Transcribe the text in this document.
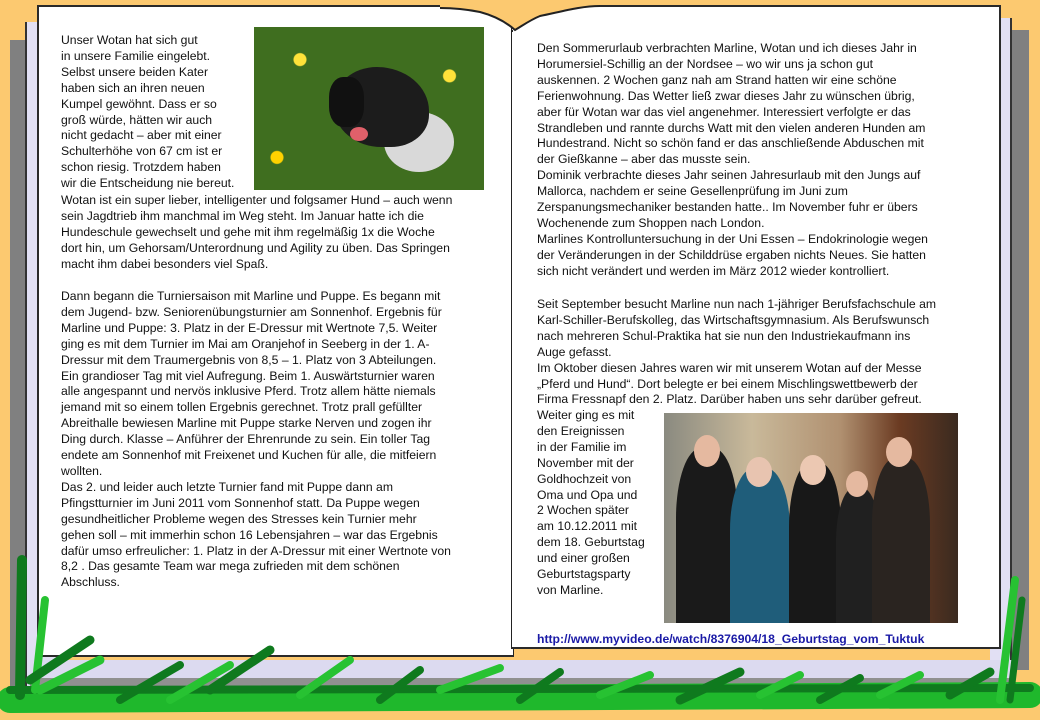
Unser Wotan hat sich gut

in unsere Familie eingelebt.

Selbst unsere beiden Kater

haben sich an ihren neuen

Kumpel gewöhnt. Dass er so

groß würde, hätten wir auch

nicht gedacht – aber mit einer

Schulterhöhe von 67 cm ist er

schon riesig. Trotzdem haben

wir die Entscheidung nie bereut.

Wotan ist ein super lieber, intelligenter und folgsamer Hund – auch wenn

sein Jagdtrieb ihm manchmal im Weg steht. Im Januar hatte ich die

Hundeschule gewechselt und gehe mit ihm regelmäßig 1x die Woche

dort hin, um Gehorsam/Unterordnung und Agility zu üben. Das Springen

macht ihm dabei besonders viel Spaß.

Dann begann die Turniersaison mit Marline und Puppe. Es begann mit

dem Jugend- bzw. Seniorenübungsturnier am Sonnenhof. Ergebnis für

Marline und Puppe: 3. Platz in der E-Dressur mit Wertnote 7,5. Weiter

ging es mit dem Turnier im Mai am Oranjehof in Seeberg in der 1. A-

Dressur mit dem Traumergebnis von 8,5 – 1. Platz von 3 Abteilungen.

Ein grandioser Tag mit viel Aufregung. Beim 1. Auswärtsturnier waren

alle angespannt und nervös inklusive Pferd. Trotz allem hätte niemals

jemand mit so einem tollen Ergebnis gerechnet. Trotz prall gefüllter

Abreithalle bewiesen Marline mit Puppe starke Nerven und zogen ihr

Ding durch. Klasse – Anführer der Ehrenrunde zu sein. Ein toller Tag

endete am Sonnenhof mit Freixenet und Kuchen für alle, die mitfeiern

wollten.

Das 2. und leider auch letzte Turnier fand mit Puppe dann am

Pfingstturnier im Juni 2011 vom Sonnenhof statt. Da Puppe wegen

gesundheitlicher Probleme wegen des Stresses kein Turnier mehr

gehen soll – mit immerhin schon 16 Lebensjahren – war das Ergebnis

dafür umso erfreulicher: 1. Platz in der A-Dressur mit einer Wertnote von

8,2 . Das gesamte Team war mega zufrieden mit dem schönen

Abschluss.

Den Sommerurlaub verbrachten Marline, Wotan und ich dieses Jahr in

Horumersiel-Schillig an der Nordsee – wo wir uns ja schon gut

auskennen. 2 Wochen ganz nah am Strand hatten wir eine schöne

Ferienwohnung. Das Wetter ließ zwar dieses Jahr zu wünschen übrig,

aber für Wotan war das viel angenehmer. Interessiert verfolgte er das

Strandleben und rannte durchs Watt mit den vielen anderen Hunden am

Hundestrand. Nicht so schön fand er das anschließende Abduschen mit

der Gießkanne – aber das musste sein.

Dominik verbrachte dieses Jahr seinen Jahresurlaub mit den Jungs auf

Mallorca, nachdem er seine Gesellenprüfung im Juni zum

Zerspanungsmechaniker bestanden hatte.. Im November fuhr er übers

Wochenende zum Shoppen nach London.

Marlines Kontrolluntersuchung in der Uni Essen – Endokrinologie wegen

der Veränderungen in der Schilddrüse ergaben nichts Neues. Sie hatten

sich nicht verändert und werden im März 2012 wieder kontrolliert.

Seit September besucht Marline nun nach 1-jähriger Berufsfachschule am

Karl-Schiller-Berufskolleg, das Wirtschaftsgymnasium. Als Berufswunsch

nach mehreren Schul-Praktika hat sie nun den Industriekaufmann ins

Auge gefasst.

Im Oktober diesen Jahres waren wir mit unserem Wotan auf der Messe

„Pferd und Hund“. Dort belegte er bei einem Mischlingswettbewerb der

Firma Fressnapf den 2. Platz. Darüber haben uns sehr darüber gefreut.

Weiter ging es mit

den Ereignissen

in der Familie im

November mit der

Goldhochzeit von

Oma und Opa und

2 Wochen später

am 10.12.2011 mit

dem 18. Geburtstag

und einer großen

Geburtstagsparty

von Marline.

http://www.myvideo.de/watch/8376904/18_Geburtstag_vom_Tuktuk
